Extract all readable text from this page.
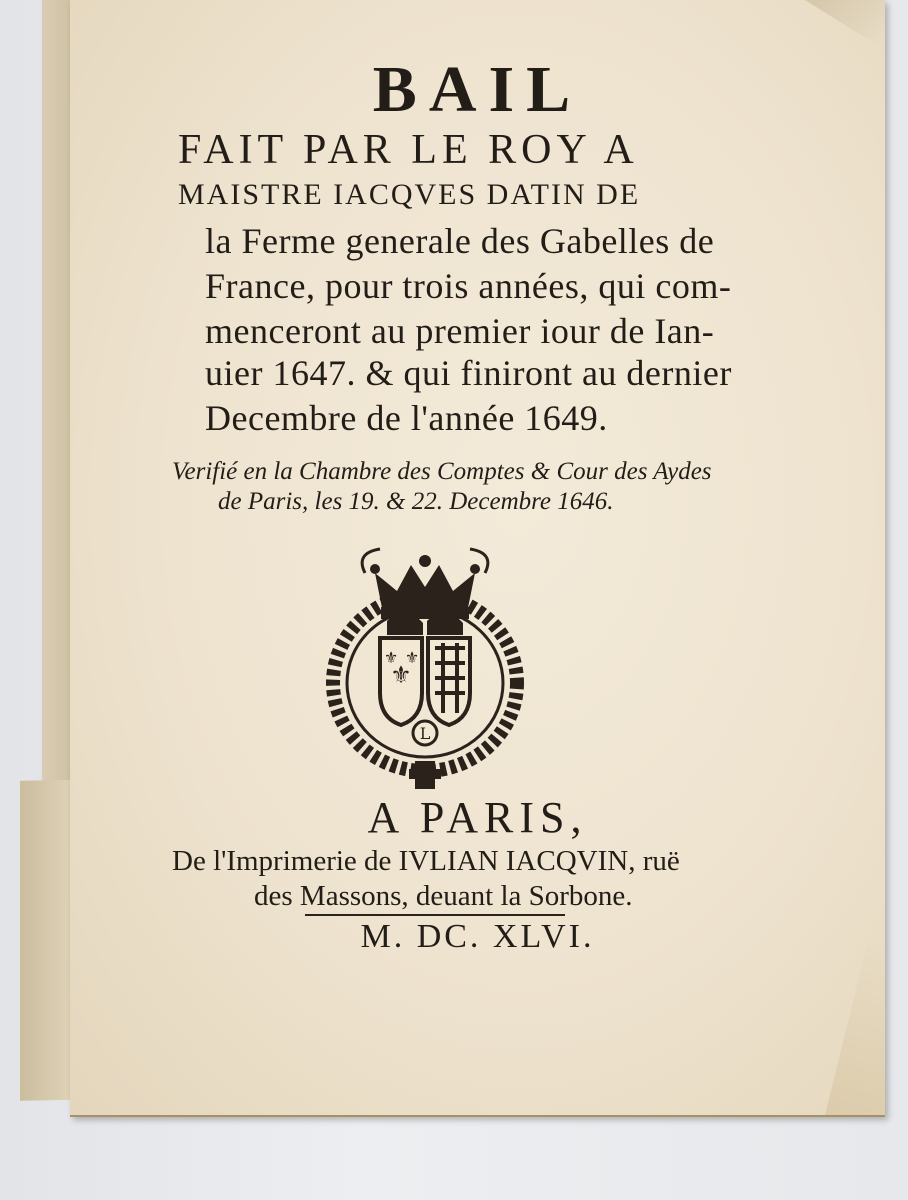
BAIL

FAIT PAR LE ROY A

MAISTRE IACQVES DATIN DE

la Ferme generale des Gabelles de

France, pour trois années, qui com-

menceront au premier iour de Ian-

uier 1647. & qui finiront au dernier

Decembre de l'année 1649.

Verifié en la Chambre des Comptes & Cour des Aydes

de Paris, les 19. & 22. Decembre 1646.

⚜
⚜ ⚜
L

A PARIS,

De l'Imprimerie de IVLIAN IACQVIN, ruë

des Massons, deuant la Sorbone.

M. DC. XLVI.
